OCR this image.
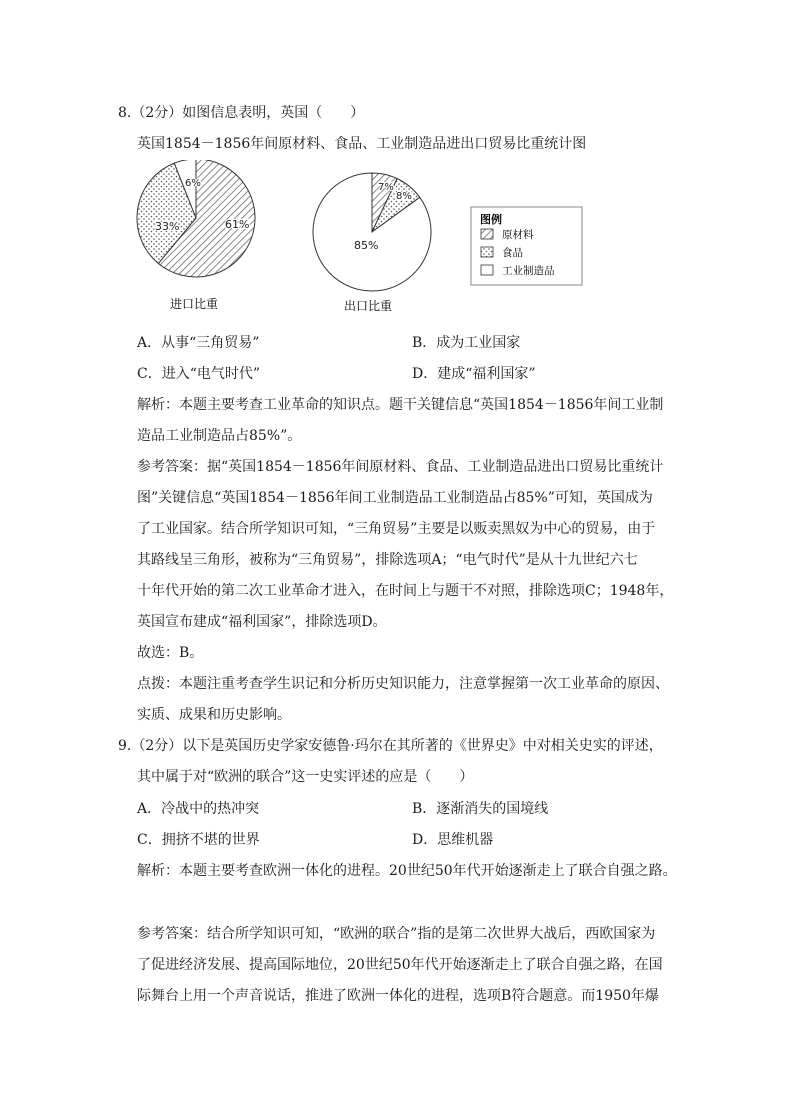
8.（2分）如图信息表明，英国（　　）
英国1854－1856年间原材料、食品、工业制造品进出口贸易比重统计图
61%
33%
6%	7%
8%
85%
进口比重	出口比重
图例
原材料
食品
工业制造品
A．从事“三角贸易”	B．成为工业国家
C．进入“电气时代”	D．建成“福利国家”
解析：本题主要考查工业革命的知识点。题干关键信息“英国1854－1856年间工业制
造品工业制造品占85%”。
参考答案：据“英国1854－1856年间原材料、食品、工业制造品进出口贸易比重统计
图”关键信息“英国1854－1856年间工业制造品工业制造品占85%”可知，英国成为
了工业国家。结合所学知识可知，“三角贸易”主要是以贩卖黑奴为中心的贸易，由于
其路线呈三角形，被称为“三角贸易”，排除选项A；“电气时代”是从十九世纪六七
十年代开始的第二次工业革命才进入，在时间上与题干不对照，排除选项C；1948年，
英国宣布建成“福利国家”，排除选项D。
故选：B。
点拨：本题注重考查学生识记和分析历史知识能力，注意掌握第一次工业革命的原因、
实质、成果和历史影响。
9.（2分）以下是英国历史学家安德鲁·玛尔在其所著的《世界史》中对相关史实的评述，
其中属于对“欧洲的联合”这一史实评述的应是（　　）
A．冷战中的热冲突	B．逐渐消失的国境线
C．拥挤不堪的世界	D．思维机器
解析：本题主要考查欧洲一体化的进程。20世纪50年代开始逐渐走上了联合自强之路。
参考答案：结合所学知识可知，“欧洲的联合”指的是第二次世界大战后，西欧国家为
了促进经济发展、提高国际地位，20世纪50年代开始逐渐走上了联合自强之路，在国
际舞台上用一个声音说话，推进了欧洲一体化的进程，选项B符合题意。而1950年爆
